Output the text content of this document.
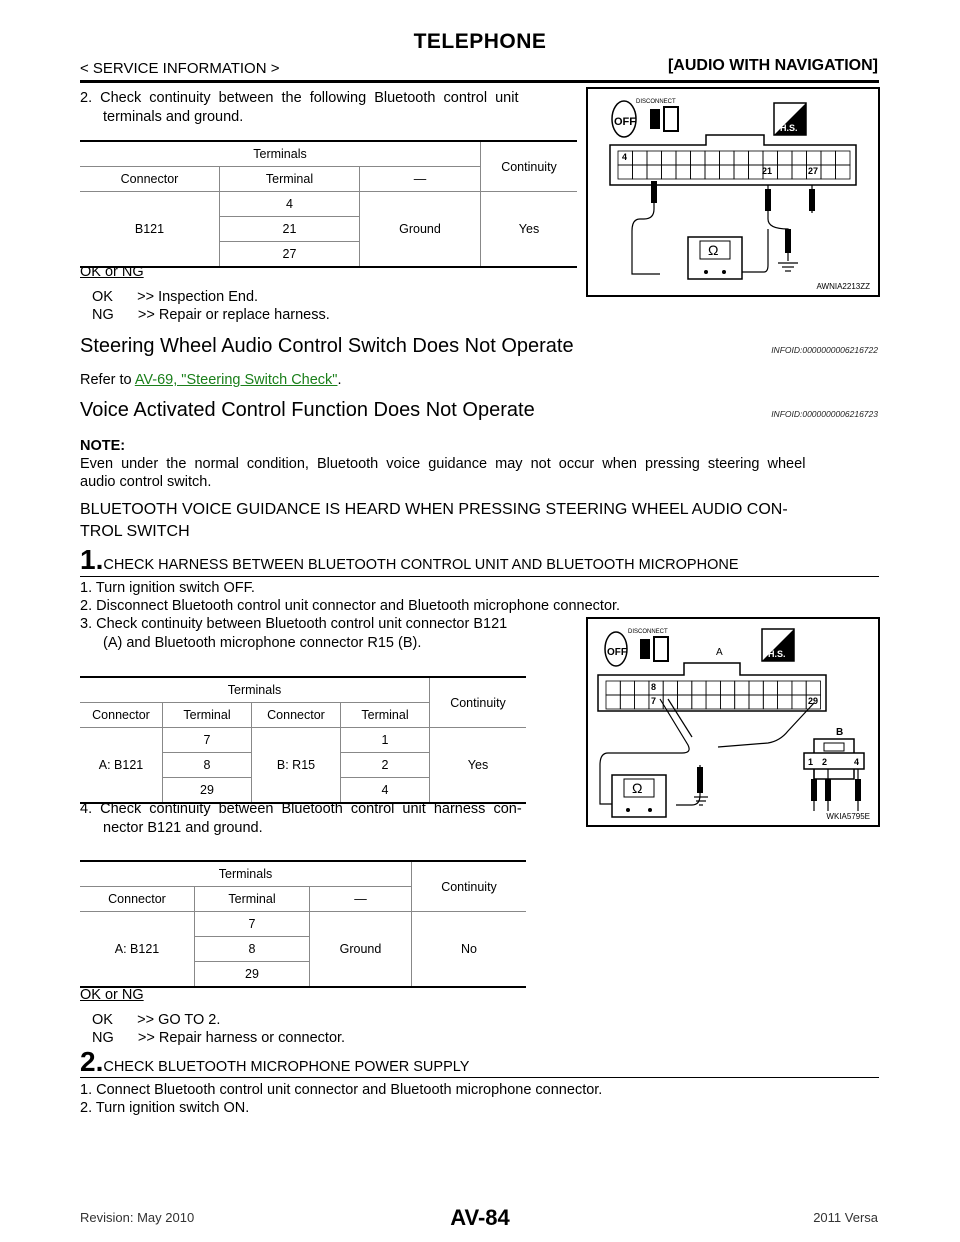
TELEPHONE
< SERVICE INFORMATION >	[AUDIO WITH NAVIGATION]
2.  Check  continuity  between  the  following  Bluetooth  control  unit
terminals and ground.
Terminals			Continuity
Connector	Terminal	—	
B121	4	Ground	Yes
	21		
	27		
OK or NG
OK      >> Inspection End.
NG      >> Repair or replace harness.
OFF
DISCONNECT
H.S.
4
21	27
Ω
AWNIA2213ZZ
Steering Wheel Audio Control Switch Does Not Operate	INFOID:0000000006216722
Refer to AV-69, "Steering Switch Check".
Voice Activated Control Function Does Not Operate	INFOID:0000000006216723
NOTE:
Even  under  the  normal  condition,  Bluetooth  voice  guidance  may  not  occur  when  pressing  steering  wheel
audio control switch.
BLUETOOTH VOICE GUIDANCE IS HEARD WHEN PRESSING STEERING WHEEL AUDIO CON-
TROL SWITCH
1.CHECK HARNESS BETWEEN BLUETOOTH CONTROL UNIT AND BLUETOOTH MICROPHONE
1. Turn ignition switch OFF.
2. Disconnect Bluetooth control unit connector and Bluetooth microphone connector.
3. Check continuity between Bluetooth control unit connector B121
(A) and Bluetooth microphone connector R15 (B).
Terminals				Continuity
Connector	Terminal	Connector	Terminal	
A: B121	7	B: R15	1	Yes
	8		2	
	29		4	
4.  Check  continuity  between  Bluetooth  control  unit  harness  con-
nector B121 and ground.
Terminals			Continuity
Connector	Terminal	—	
A: B121	7	Ground	No
	8		
	29		
OK or NG
OK      >> GO TO 2.
NG      >> Repair harness or connector.
OFF
DISCONNECT
H.S.
A
8
7	29
B
1 2	4
Ω
WKIA5795E
2.CHECK BLUETOOTH MICROPHONE POWER SUPPLY
1. Connect Bluetooth control unit connector and Bluetooth microphone connector.
2. Turn ignition switch ON.
AV-84
Revision: May 2010	2011 Versa
